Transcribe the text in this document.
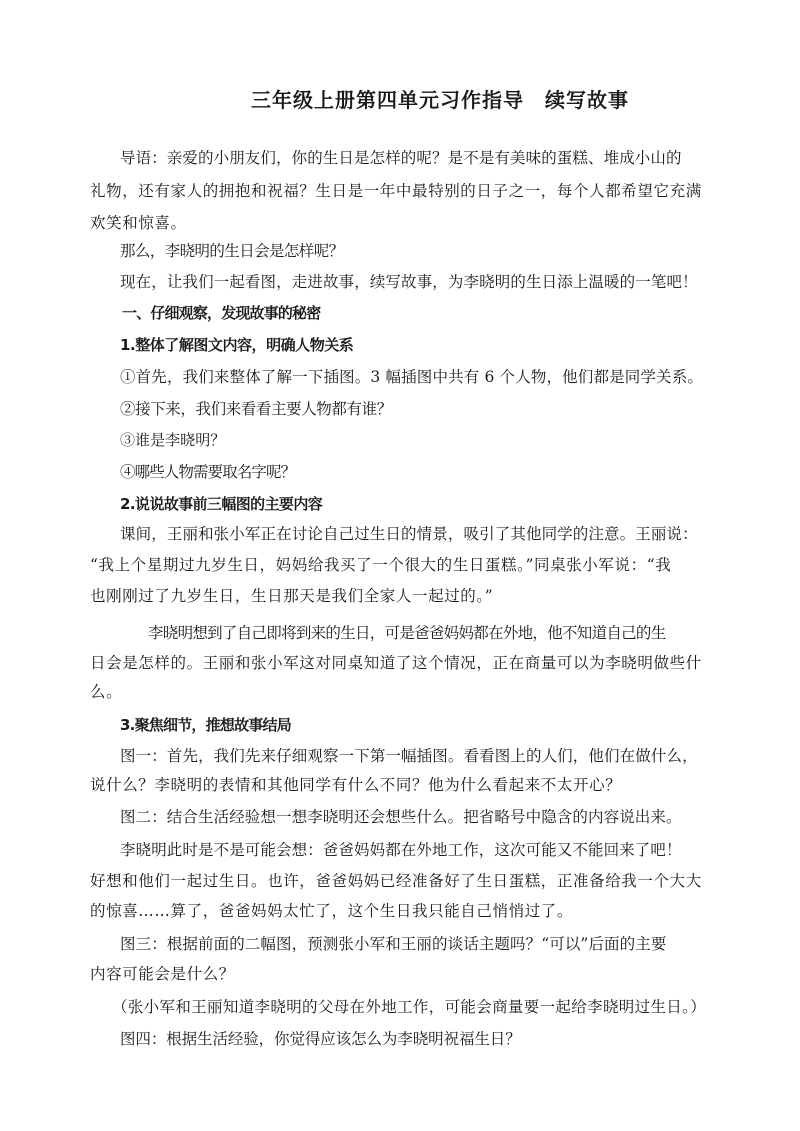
三年级上册第四单元习作指导　续写故事
导语：亲爱的小朋友们，你的生日是怎样的呢？是不是有美味的蛋糕、堆成小山的
礼物，还有家人的拥抱和祝福？生日是一年中最特别的日子之一，每个人都希望它充满
欢笑和惊喜。
那么，李晓明的生日会是怎样呢？
现在，让我们一起看图，走进故事，续写故事，为李晓明的生日添上温暖的一笔吧！
一、仔细观察，发现故事的秘密
1.整体了解图文内容，明确人物关系
①首先，我们来整体了解一下插图。3 幅插图中共有 6 个人物，他们都是同学关系。
②接下来，我们来看看主要人物都有谁？
③谁是李晓明？
④哪些人物需要取名字呢？
2.说说故事前三幅图的主要内容
课间，王丽和张小军正在讨论自己过生日的情景，吸引了其他同学的注意。王丽说：
“我上个星期过九岁生日，妈妈给我买了一个很大的生日蛋糕。”同桌张小军说：“我
也刚刚过了九岁生日，生日那天是我们全家人一起过的。”
李晓明想到了自己即将到来的生日，可是爸爸妈妈都在外地，他不知道自己的生
日会是怎样的。王丽和张小军这对同桌知道了这个情况，正在商量可以为李晓明做些什
么。
3.聚焦细节，推想故事结局
图一：首先，我们先来仔细观察一下第一幅插图。看看图上的人们，他们在做什么，
说什么？李晓明的表情和其他同学有什么不同？他为什么看起来不太开心？
图二：结合生活经验想一想李晓明还会想些什么。把省略号中隐含的内容说出来。
李晓明此时是不是可能会想：爸爸妈妈都在外地工作，这次可能又不能回来了吧！
好想和他们一起过生日。也许，爸爸妈妈已经准备好了生日蛋糕，正准备给我一个大大
的惊喜……算了，爸爸妈妈太忙了，这个生日我只能自己悄悄过了。
图三：根据前面的二幅图，预测张小军和王丽的谈话主题吗？“可以”后面的主要
内容可能会是什么？
（张小军和王丽知道李晓明的父母在外地工作，可能会商量要一起给李晓明过生日。）
图四：根据生活经验，你觉得应该怎么为李晓明祝福生日？
